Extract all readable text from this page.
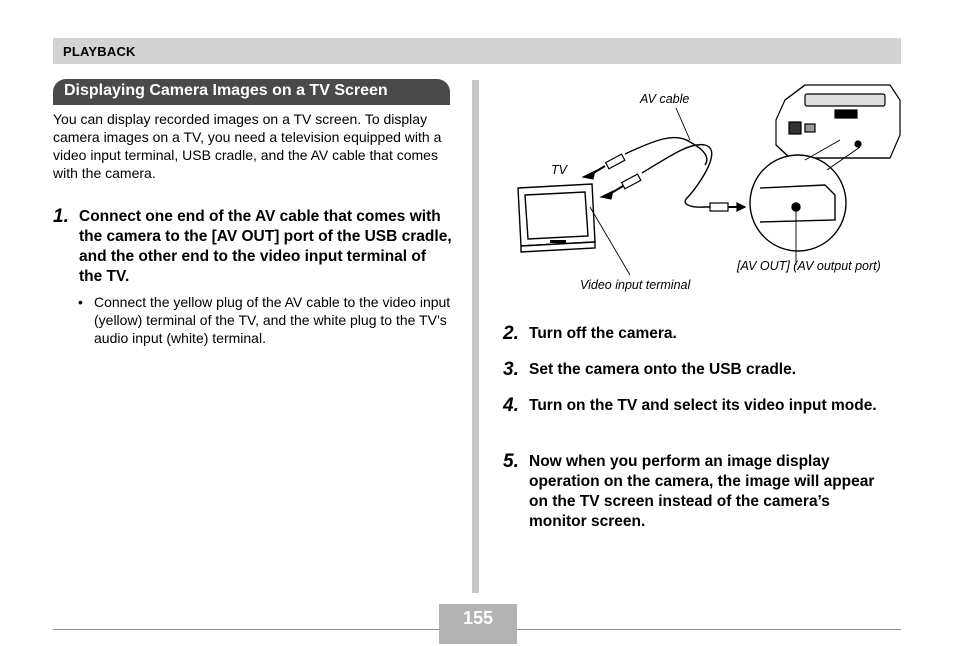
PLAYBACK
Displaying Camera Images on a TV Screen

You can display recorded images on a TV screen. To display camera images on a TV, you need a television equipped with a video input terminal, USB cradle, and the AV cable that comes with the camera.

1. Connect one end of the AV cable that comes with the camera to the [AV OUT] port of the USB cradle, and the other end to the video input terminal of the TV.
• Connect the yellow plug of the AV cable to the video input (yellow) terminal of the TV, and the white plug to the TV’s audio input (white) terminal.
AV cable
TV
Video input terminal
[AV OUT] (AV output port)
2. Turn off the camera.
3. Set the camera onto the USB cradle.
4. Turn on the TV and select its video input mode.
5. Now when you perform an image display operation on the camera, the image will appear on the TV screen instead of the camera’s monitor screen.
155
